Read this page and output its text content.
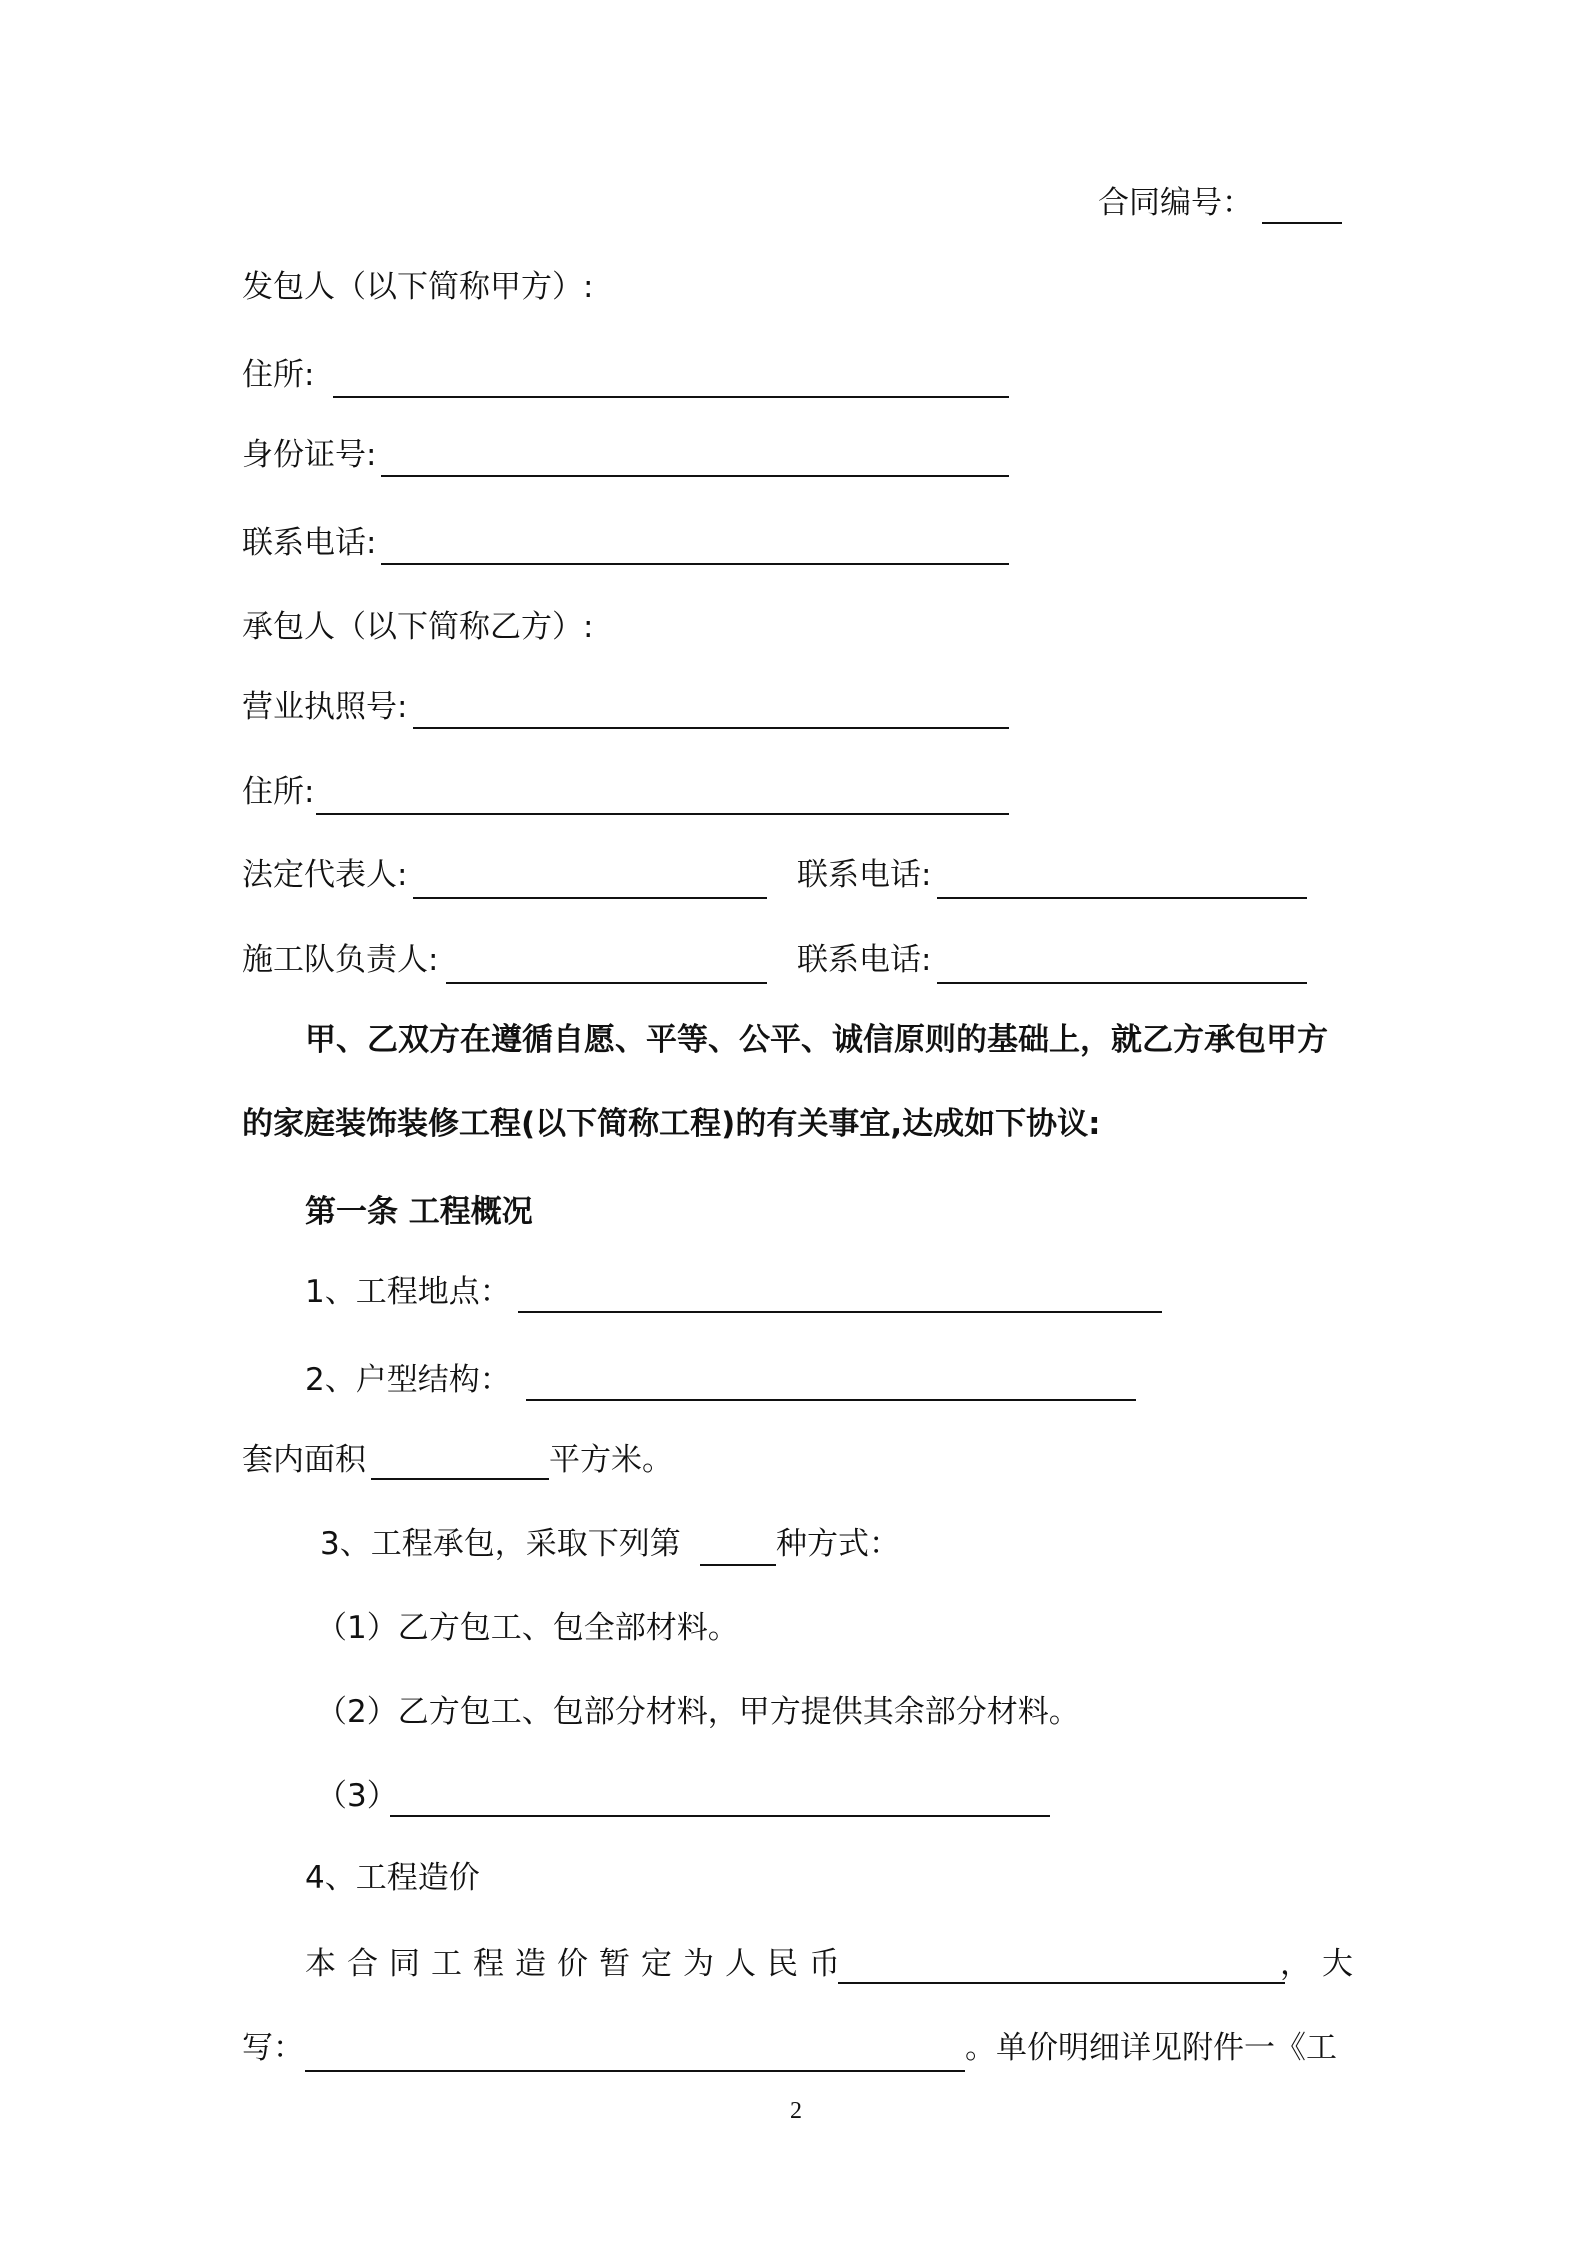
合同编号：
发包人（以下简称甲方）:
住所:
身份证号:
联系电话:
承包人（以下简称乙方）:
营业执照号:
住所:
法定代表人:	联系电话:
施工队负责人:	联系电话:
甲、乙双方在遵循自愿、平等、公平、诚信原则的基础上，就乙方承包甲方
的家庭装饰装修工程(以下简称工程)的有关事宜,达成如下协议:
第一条 工程概况
1、工程地点：
2、户型结构：
套内面积	平方米。
3、工程承包，采取下列第	种方式：
（1）乙方包工、包全部材料。
（2）乙方包工、包部分材料，甲方提供其余部分材料。
（3）
4、工程造价
本合同工程造价暂定为人民币	，大
写：	。单价明细详见附件一《工
2
